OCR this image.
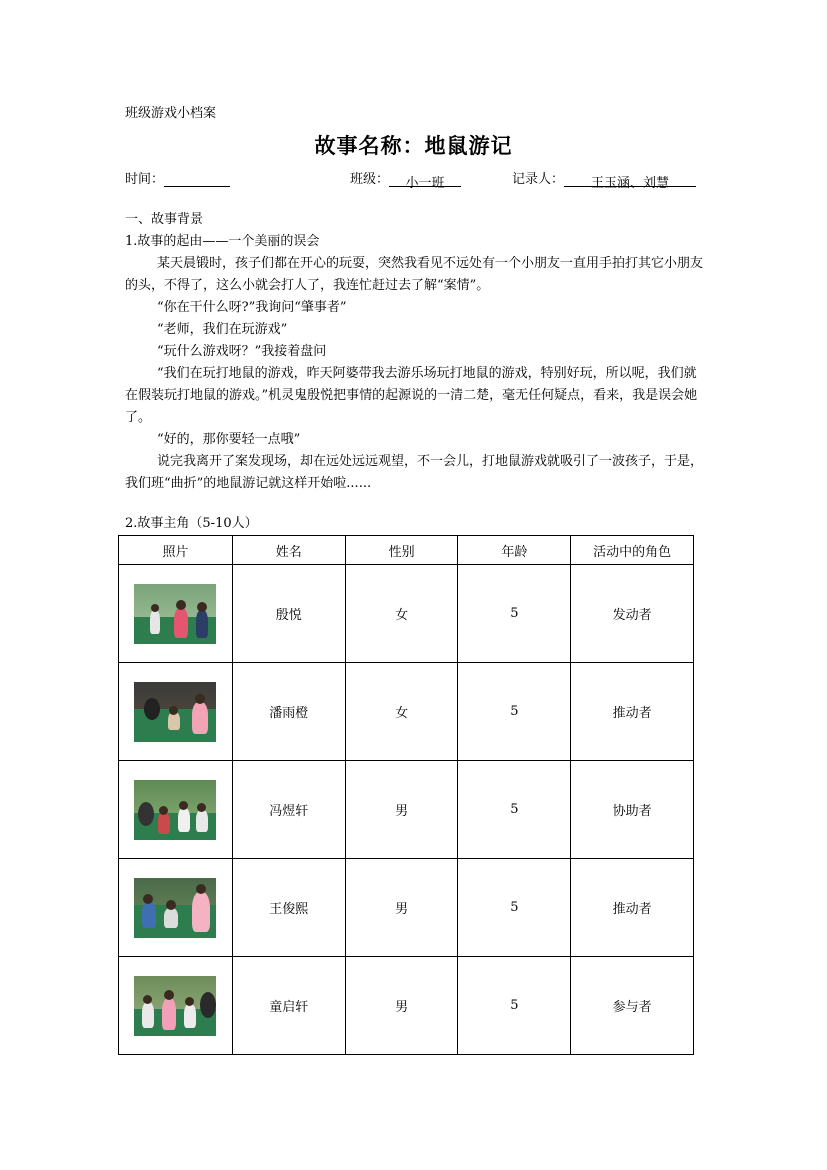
班级游戏小档案
故事名称：地鼠游记
时间：	班级： 小一班	记录人： 王玉涵、刘慧
一、故事背景
1.故事的起由——一个美丽的误会
某天晨锻时，孩子们都在开心的玩耍，突然我看见不远处有一个小朋友一直用手拍打其它小朋友的头，不得了，这么小就会打人了，我连忙赶过去了解“案情”。
“你在干什么呀?”我询问“肇事者”
“老师，我们在玩游戏”
“玩什么游戏呀？”我接着盘问
“我们在玩打地鼠的游戏，昨天阿婆带我去游乐场玩打地鼠的游戏，特别好玩，所以呢，我们就在假装玩打地鼠的游戏。”机灵鬼殷悦把事情的起源说的一清二楚，毫无任何疑点，看来，我是误会她了。
“好的，那你要轻一点哦”
说完我离开了案发现场，却在远处远远观望，不一会儿，打地鼠游戏就吸引了一波孩子，于是，我们班“曲折”的地鼠游记就这样开始啦......
2.故事主角（5-10人）
照片	姓名	性别	年龄	活动中的角色

	殷悦	女	5	发动者

	潘雨橙	女	5	推动者

	冯煜轩	男	5	协助者

	王俊熙	男	5	推动者

	童启轩	男	5	参与者
